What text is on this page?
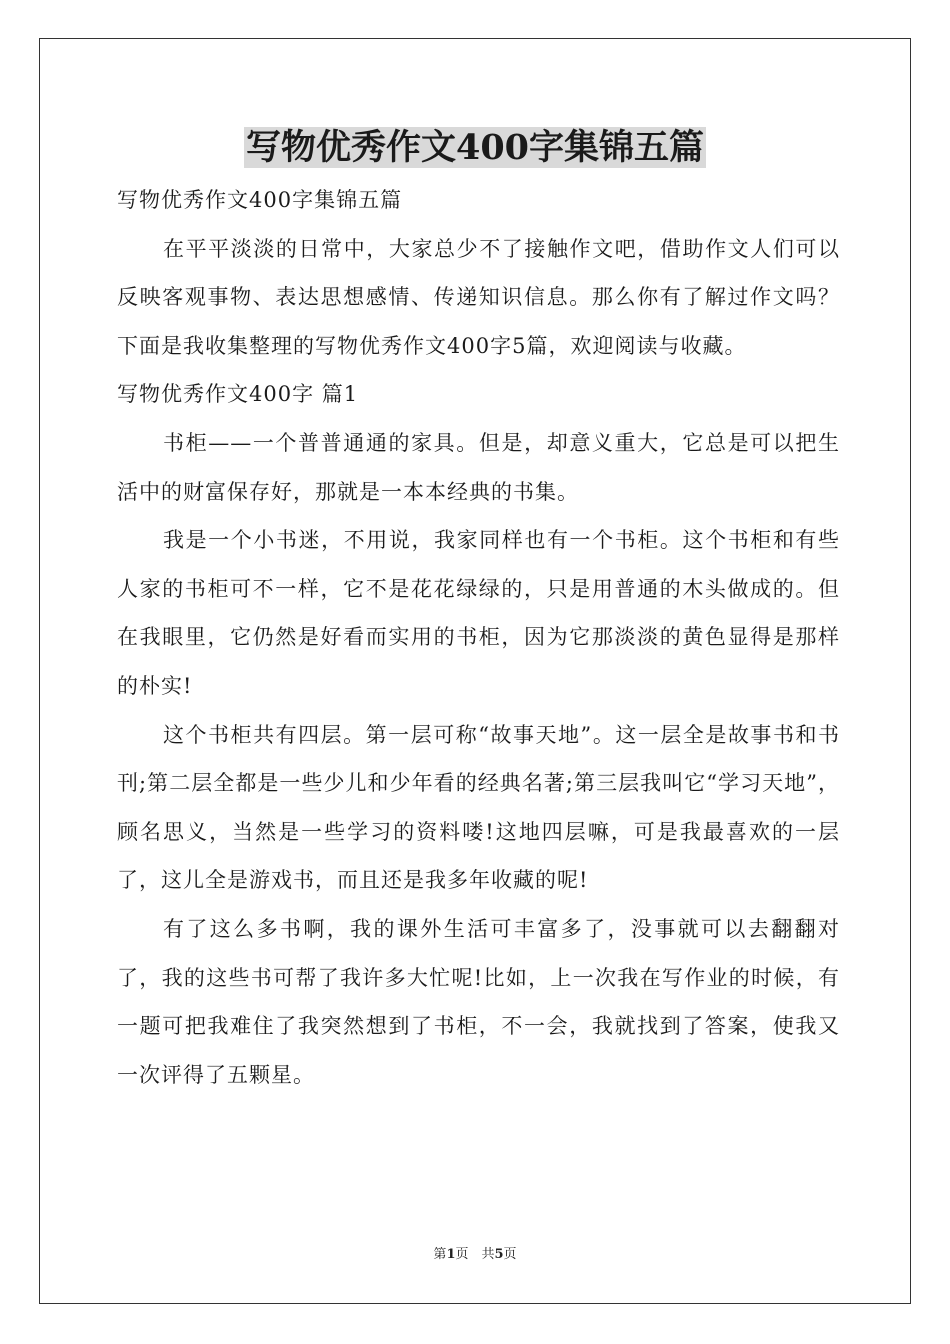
写物优秀作文400字集锦五篇

写物优秀作文400字集锦五篇

在平平淡淡的日常中，大家总少不了接触作文吧，借助作文人们可以反映客观事物、表达思想感情、传递知识信息。那么你有了解过作文吗？下面是我收集整理的写物优秀作文400字5篇，欢迎阅读与收藏。

写物优秀作文400字 篇1

书柜——一个普普通通的家具。但是，却意义重大，它总是可以把生活中的财富保存好，那就是一本本经典的书集。

我是一个小书迷，不用说，我家同样也有一个书柜。这个书柜和有些人家的书柜可不一样，它不是花花绿绿的，只是用普通的木头做成的。但在我眼里，它仍然是好看而实用的书柜，因为它那淡淡的黄色显得是那样的朴实!

这个书柜共有四层。第一层可称“故事天地”。这一层全是故事书和书刊;第二层全都是一些少儿和少年看的经典名著;第三层我叫它“学习天地”，顾名思义，当然是一些学习的资料喽!这地四层嘛，可是我最喜欢的一层了，这儿全是游戏书，而且还是我多年收藏的呢!

有了这么多书啊，我的课外生活可丰富多了，没事就可以去翻翻对了，我的这些书可帮了我许多大忙呢!比如，上一次我在写作业的时候，有一题可把我难住了我突然想到了书柜，不一会，我就找到了答案，使我又一次评得了五颗星。

第1页　共5页
